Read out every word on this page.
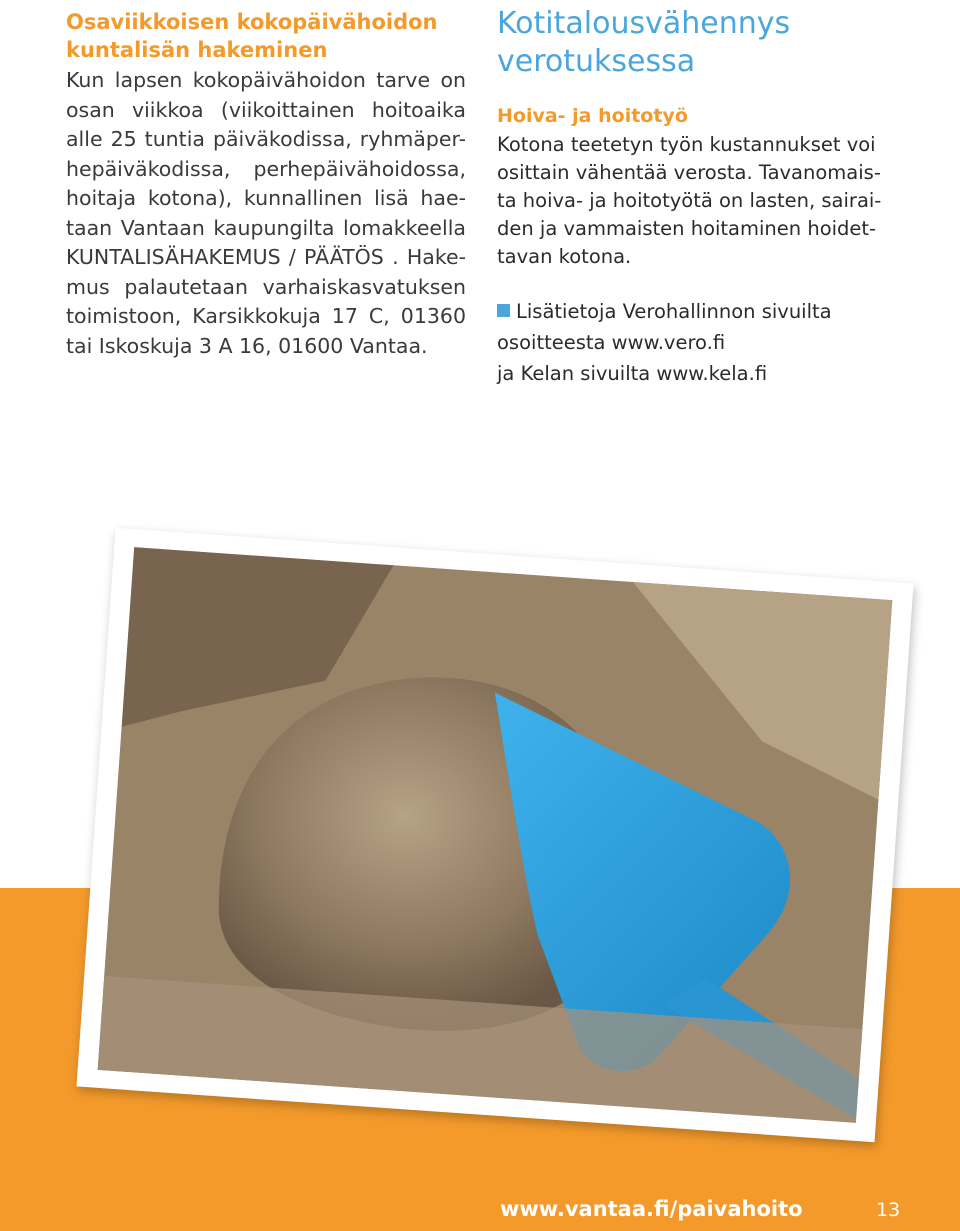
Osaviikkoisen kokopäivähoidon
kuntalisän hakeminen

Kun lapsen kokopäivähoidon tarve on
osan viikkoa (viikoittainen hoitoaika
alle 25 tuntia päiväkodissa, ryhmäper-
hepäiväkodissa, perhepäivähoidossa,
hoitaja kotona), kunnallinen lisä hae-
taan Vantaan kaupungilta lomakkeella
KUNTALISÄHAKEMUS / PÄÄTÖS . Hake-
mus palautetaan varhaiskasvatuksen
toimistoon, Karsikkokuja 17 C, 01360
tai Iskoskuja 3 A 16, 01600 Vantaa.

Kotitalousvähennys
verotuksessa
Hoiva- ja hoitotyö

Kotona teetetyn työn kustannukset voi
osittain vähentää verosta. Tavanomais-
ta hoiva- ja hoitotyötä on lasten, sairai-
den ja vammaisten hoitaminen hoidet-
tavan kotona.

Lisätietoja Verohallinnon sivuilta
osoitteesta www.vero.fi
ja Kelan sivuilta www.kela.fi
www.vantaa.fi/paivahoito	13
